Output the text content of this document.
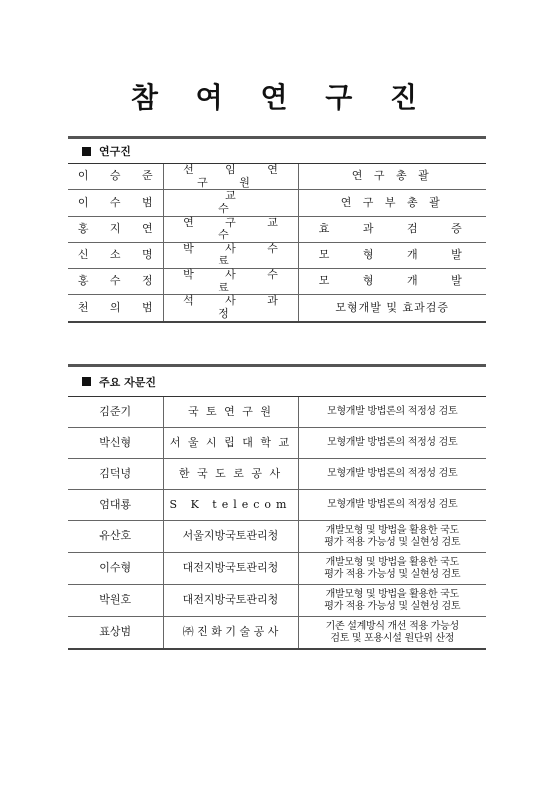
참 여 연 구 진
연구진
이 승 준	선 임 연 구 원	연 구 총 괄
이 수 범	교 수	연 구 부 총 괄
홍 지 연	연 구 교 수	효 과 검 증
신 소 명	박 사 수 료	모 형 개 발
홍 수 정	박 사 수 료	모 형 개 발
천 의 범	석 사 과 정	모형개발 및 효과검증
주요 자문진
김준기	국 토 연 구 원	모형개발 방법론의 적정성 검토

박신형	서 울 시 립 대 학 교	모형개발 방법론의 적정성 검토

김덕녕	한 국 도 로 공 사	모형개발 방법론의 적정성 검토

엄대룡	S K telecom	모형개발 방법론의 적정성 검토

유산호	서울지방국토관리청	개발모형 및 방법을 활용한 국도
평가 적용 가능성 및 실현성 검토

이수형	대전지방국토관리청	개발모형 및 방법을 활용한 국도
평가 적용 가능성 및 실현성 검토

박원호	대전지방국토관리청	개발모형 및 방법을 활용한 국도
평가 적용 가능성 및 실현성 검토

표상범	㈜ 진 화 기 술 공 사	기존 설계방식 개선 적용 가능성
검토 및 포용시설 원단위 산정
